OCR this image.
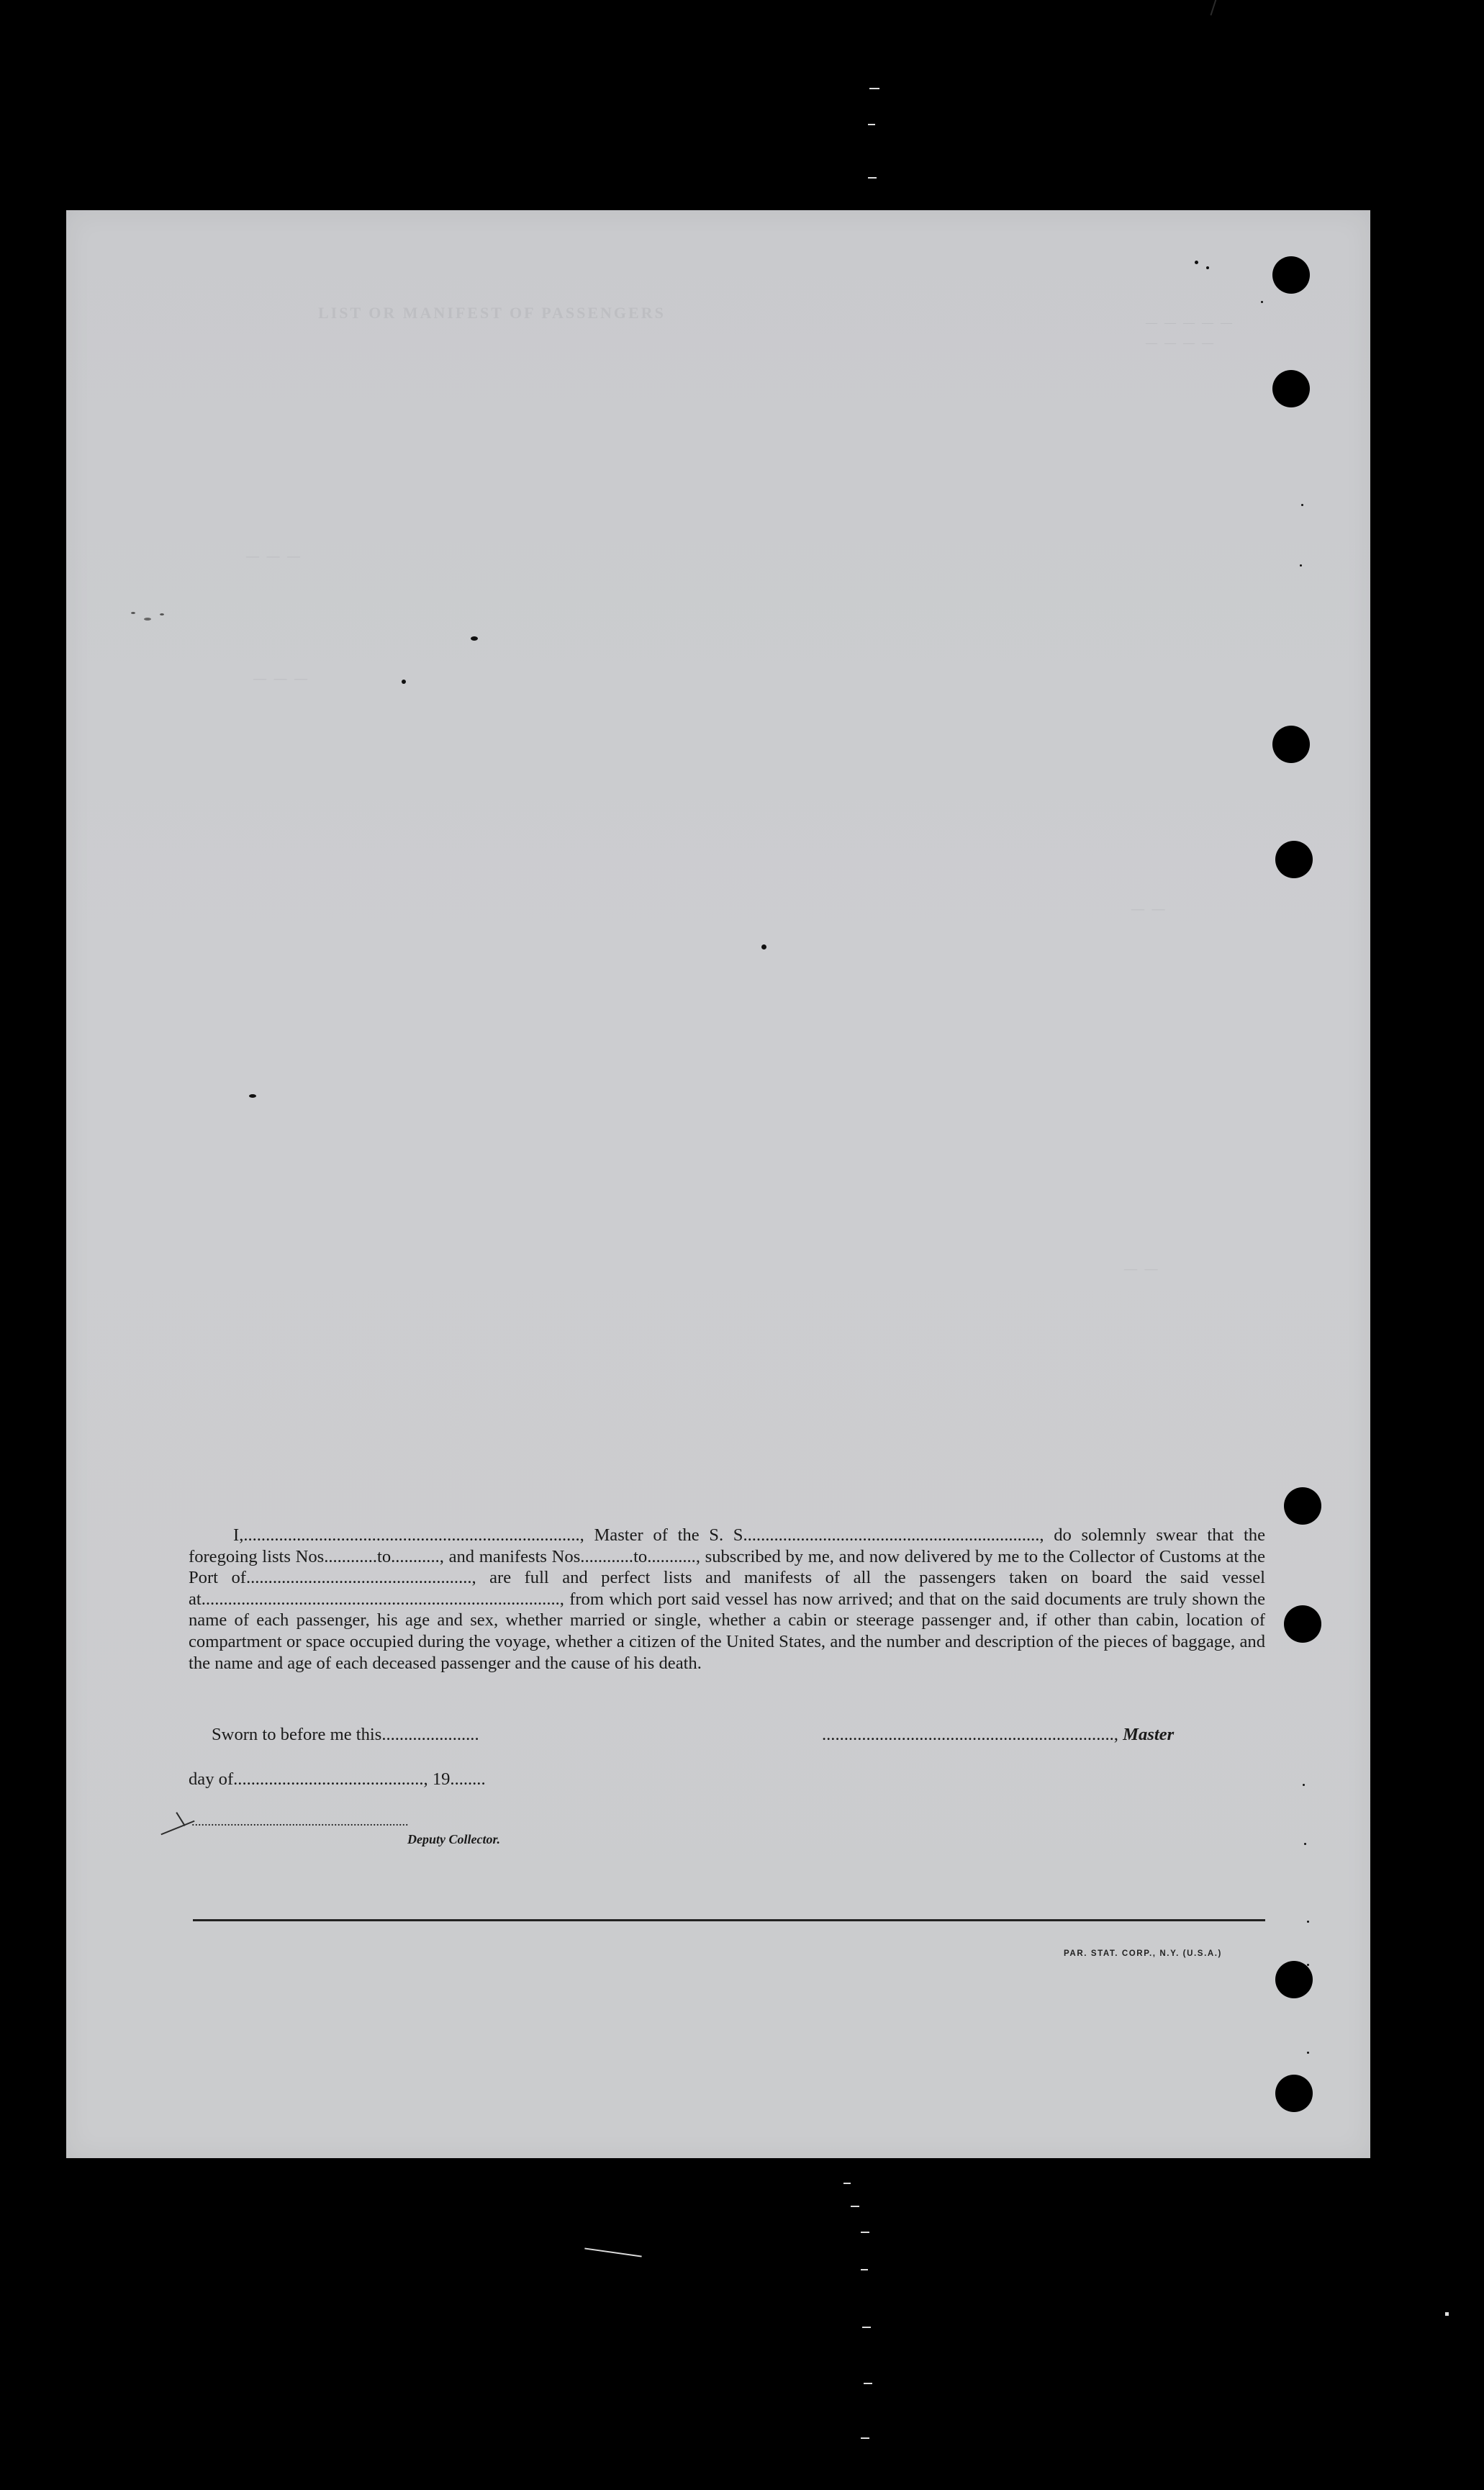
LIST OR MANIFEST OF PASSENGERS
— — — — —
— — — —
— — —
— — —
— —
— —

I,............................................................................, Master of the S. S..................................................................., do solemnly swear that the foregoing lists Nos............to..........., and manifests Nos............to..........., subscribed by me, and now delivered by me to the Collector of Customs at the Port of..................................................., are full and perfect lists and manifests of all the passengers taken on board the said vessel at................................................................................., from which port said vessel has now arrived; and that on the said documents are truly shown the name of each passenger, his age and sex, whether married or single, whether a cabin or steerage passenger and, if other than cabin, location of compartment or space occupied during the voyage, whether a citizen of the United States, and the number and description of the pieces of baggage, and the name and age of each deceased passenger and the cause of his death.

Sworn to before me this......................	.................................................................., Master
day of..........................................., 19........
...................................................................
Deputy Collector.
PAR. STAT. CORP., N.Y. (U.S.A.)
